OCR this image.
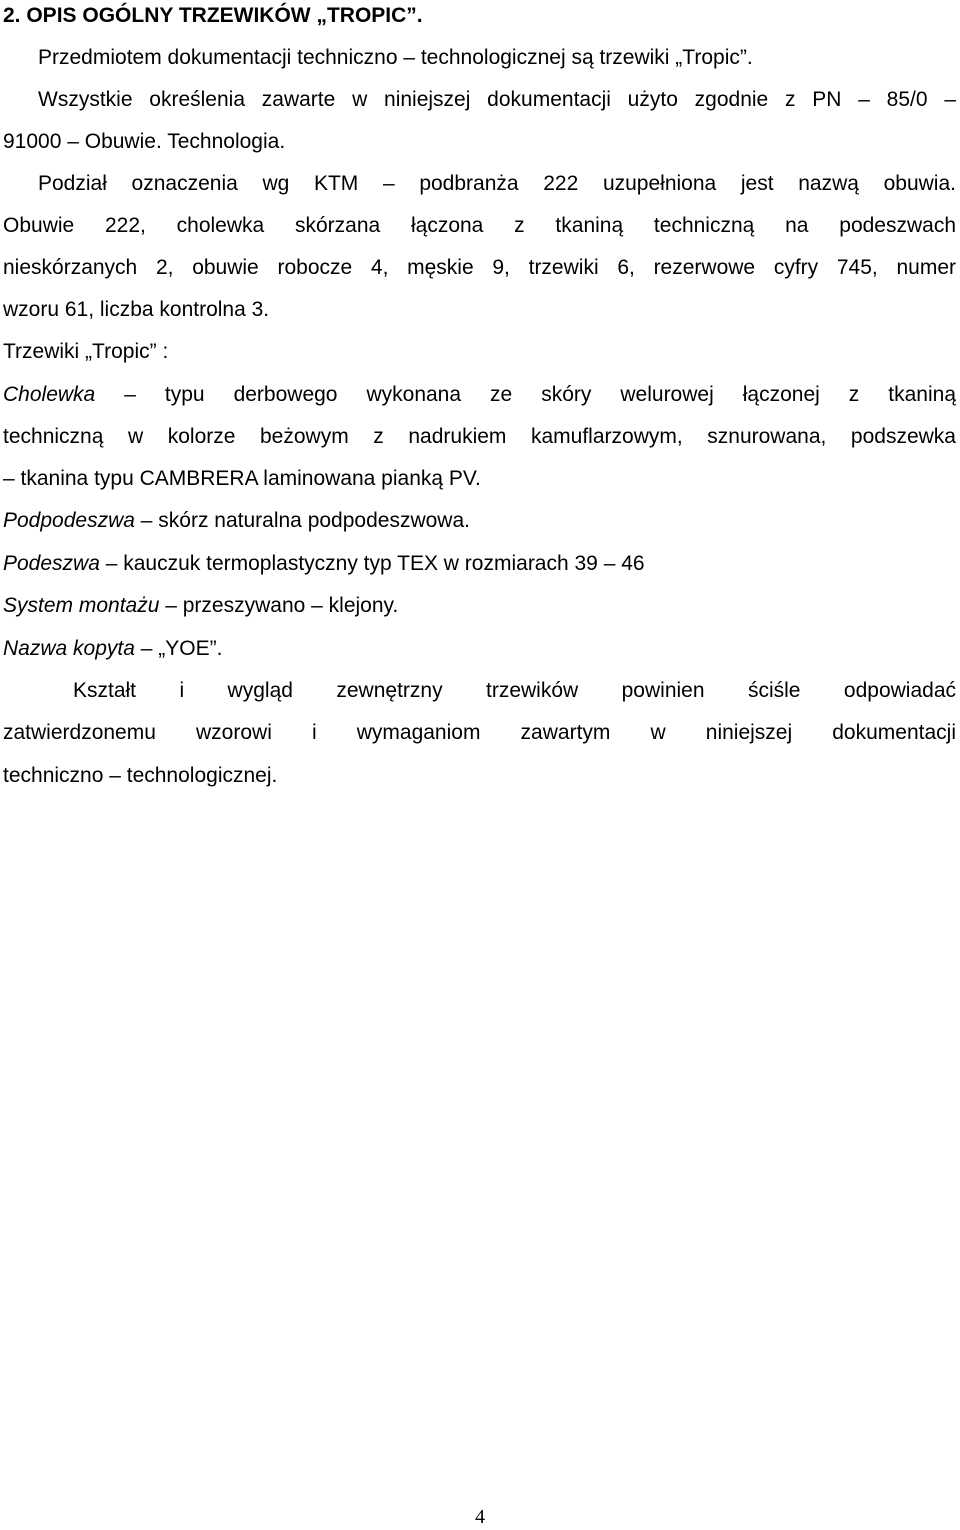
2. OPIS OGÓLNY TRZEWIKÓW „TROPIC”.
Przedmiotem dokumentacji techniczno – technologicznej są trzewiki „Tropic”.
Wszystkie określenia zawarte w niniejszej dokumentacji użyto zgodnie z PN – 85/0 –
91000 – Obuwie. Technologia.
Podział oznaczenia wg KTM – podbranża 222 uzupełniona jest nazwą obuwia.
Obuwie 222, cholewka skórzana łączona z tkaniną techniczną na podeszwach
nieskórzanych 2, obuwie robocze 4, męskie 9, trzewiki 6, rezerwowe cyfry 745, numer
wzoru 61, liczba kontrolna 3.
Trzewiki „Tropic” :
Cholewka – typu derbowego wykonana ze skóry welurowej łączonej z tkaniną
techniczną w kolorze beżowym z nadrukiem kamuflarzowym, sznurowana, podszewka
– tkanina typu CAMBRERA laminowana pianką PV.
Podpodeszwa – skórz naturalna podpodeszwowa.
Podeszwa – kauczuk termoplastyczny typ TEX w rozmiarach 39 – 46
System montażu – przeszywano – klejony.
Nazwa kopyta – „YOE”.
Kształt i wygląd zewnętrzny trzewików powinien ściśle odpowiadać
zatwierdzonemu wzorowi i wymaganiom zawartym w niniejszej dokumentacji
techniczno – technologicznej.
4
